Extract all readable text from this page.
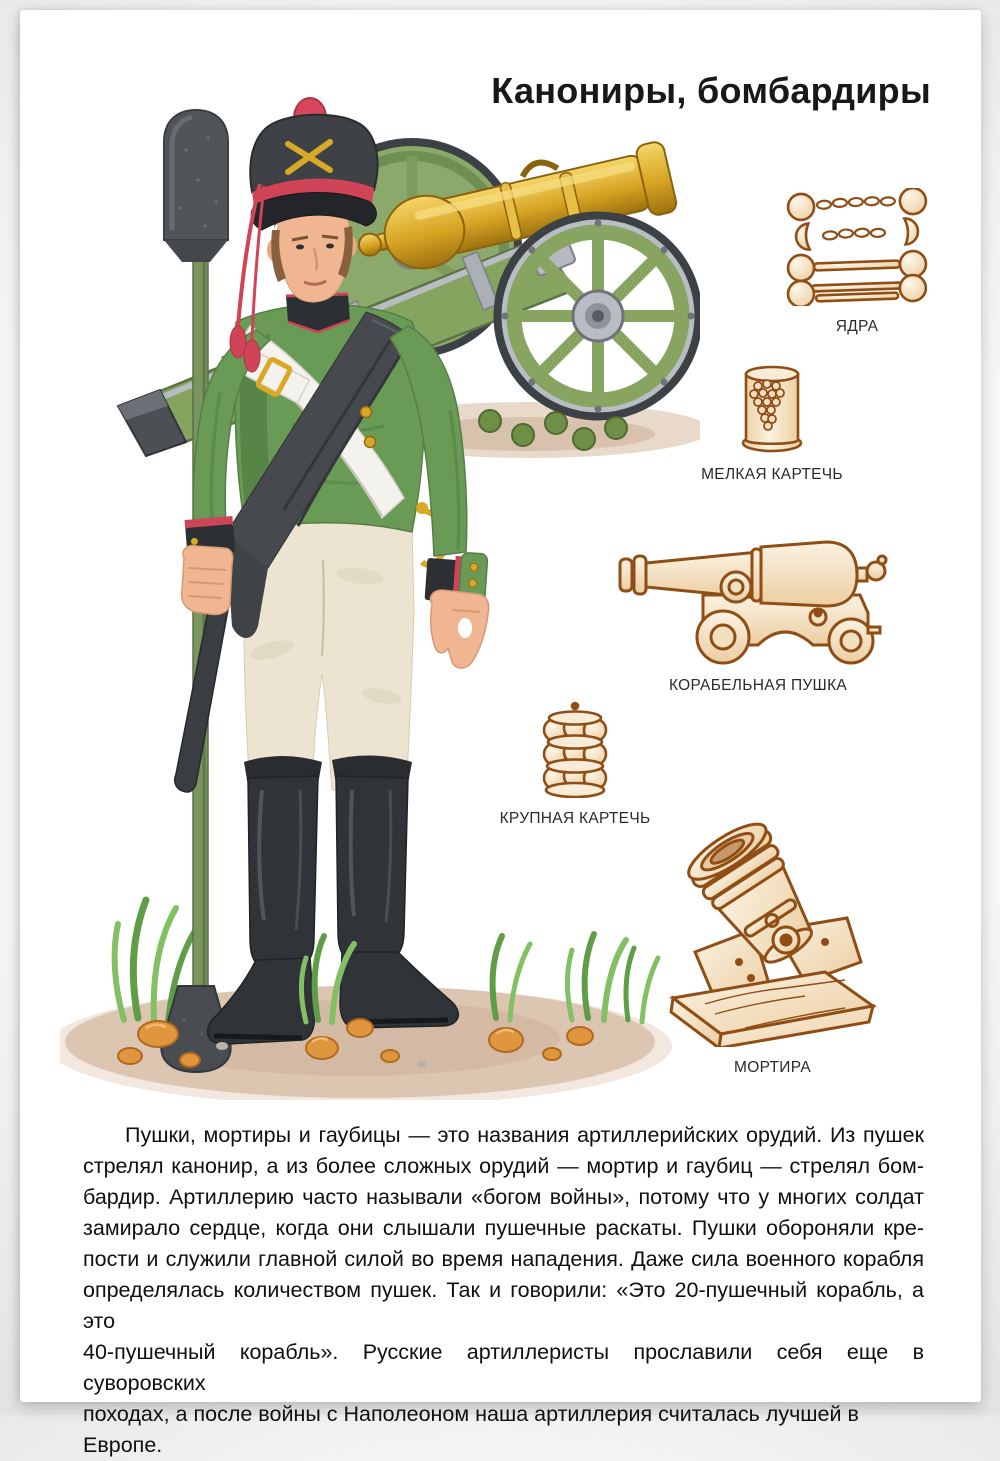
Канониры, бомбардиры
ЯДРА
МЕЛКАЯ КАРТЕЧЬ
КОРАБЕЛЬНАЯ ПУШКА
КРУПНАЯ КАРТЕЧЬ
МОРТИРА
Пушки, мортиры и гаубицы — это названия артиллерийских орудий. Из пушек
стрелял канонир, а из более сложных орудий — мортир и гаубиц — стрелял бом-
бардир. Артиллерию часто называли «богом войны», потому что у многих солдат
замирало сердце, когда они слышали пушечные раскаты. Пушки обороняли кре-
пости и служили главной силой во время нападения. Даже сила военного корабля
определялась количеством пушек. Так и говорили: «Это 20-пушечный корабль, а это
40-пушечный корабль». Русские артиллеристы прославили себя еще в суворовских
походах, а после войны с Наполеоном наша артиллерия считалась лучшей в Европе.
